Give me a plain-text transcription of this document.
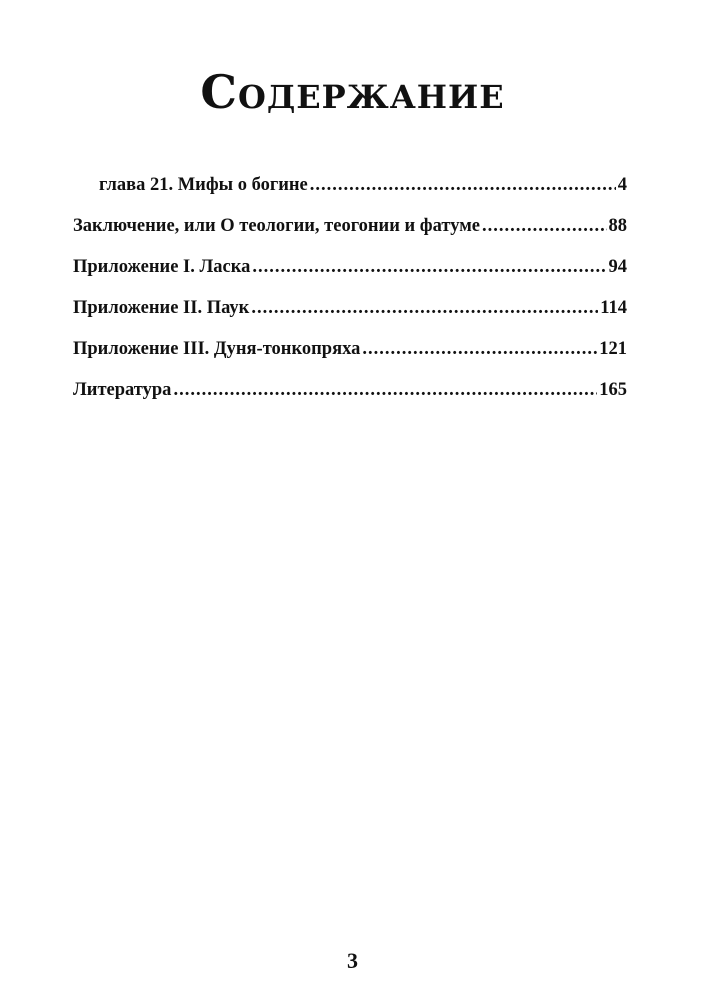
Содержание
глава 21. Мифы о богине .....	4
Заключение, или О теологии, теогонии и фатуме .....	88
Приложение I. Ласка .....	94
Приложение II. Паук .....	114
Приложение III. Дуня-тонкопряха .....	121
Литература .....	165
3
